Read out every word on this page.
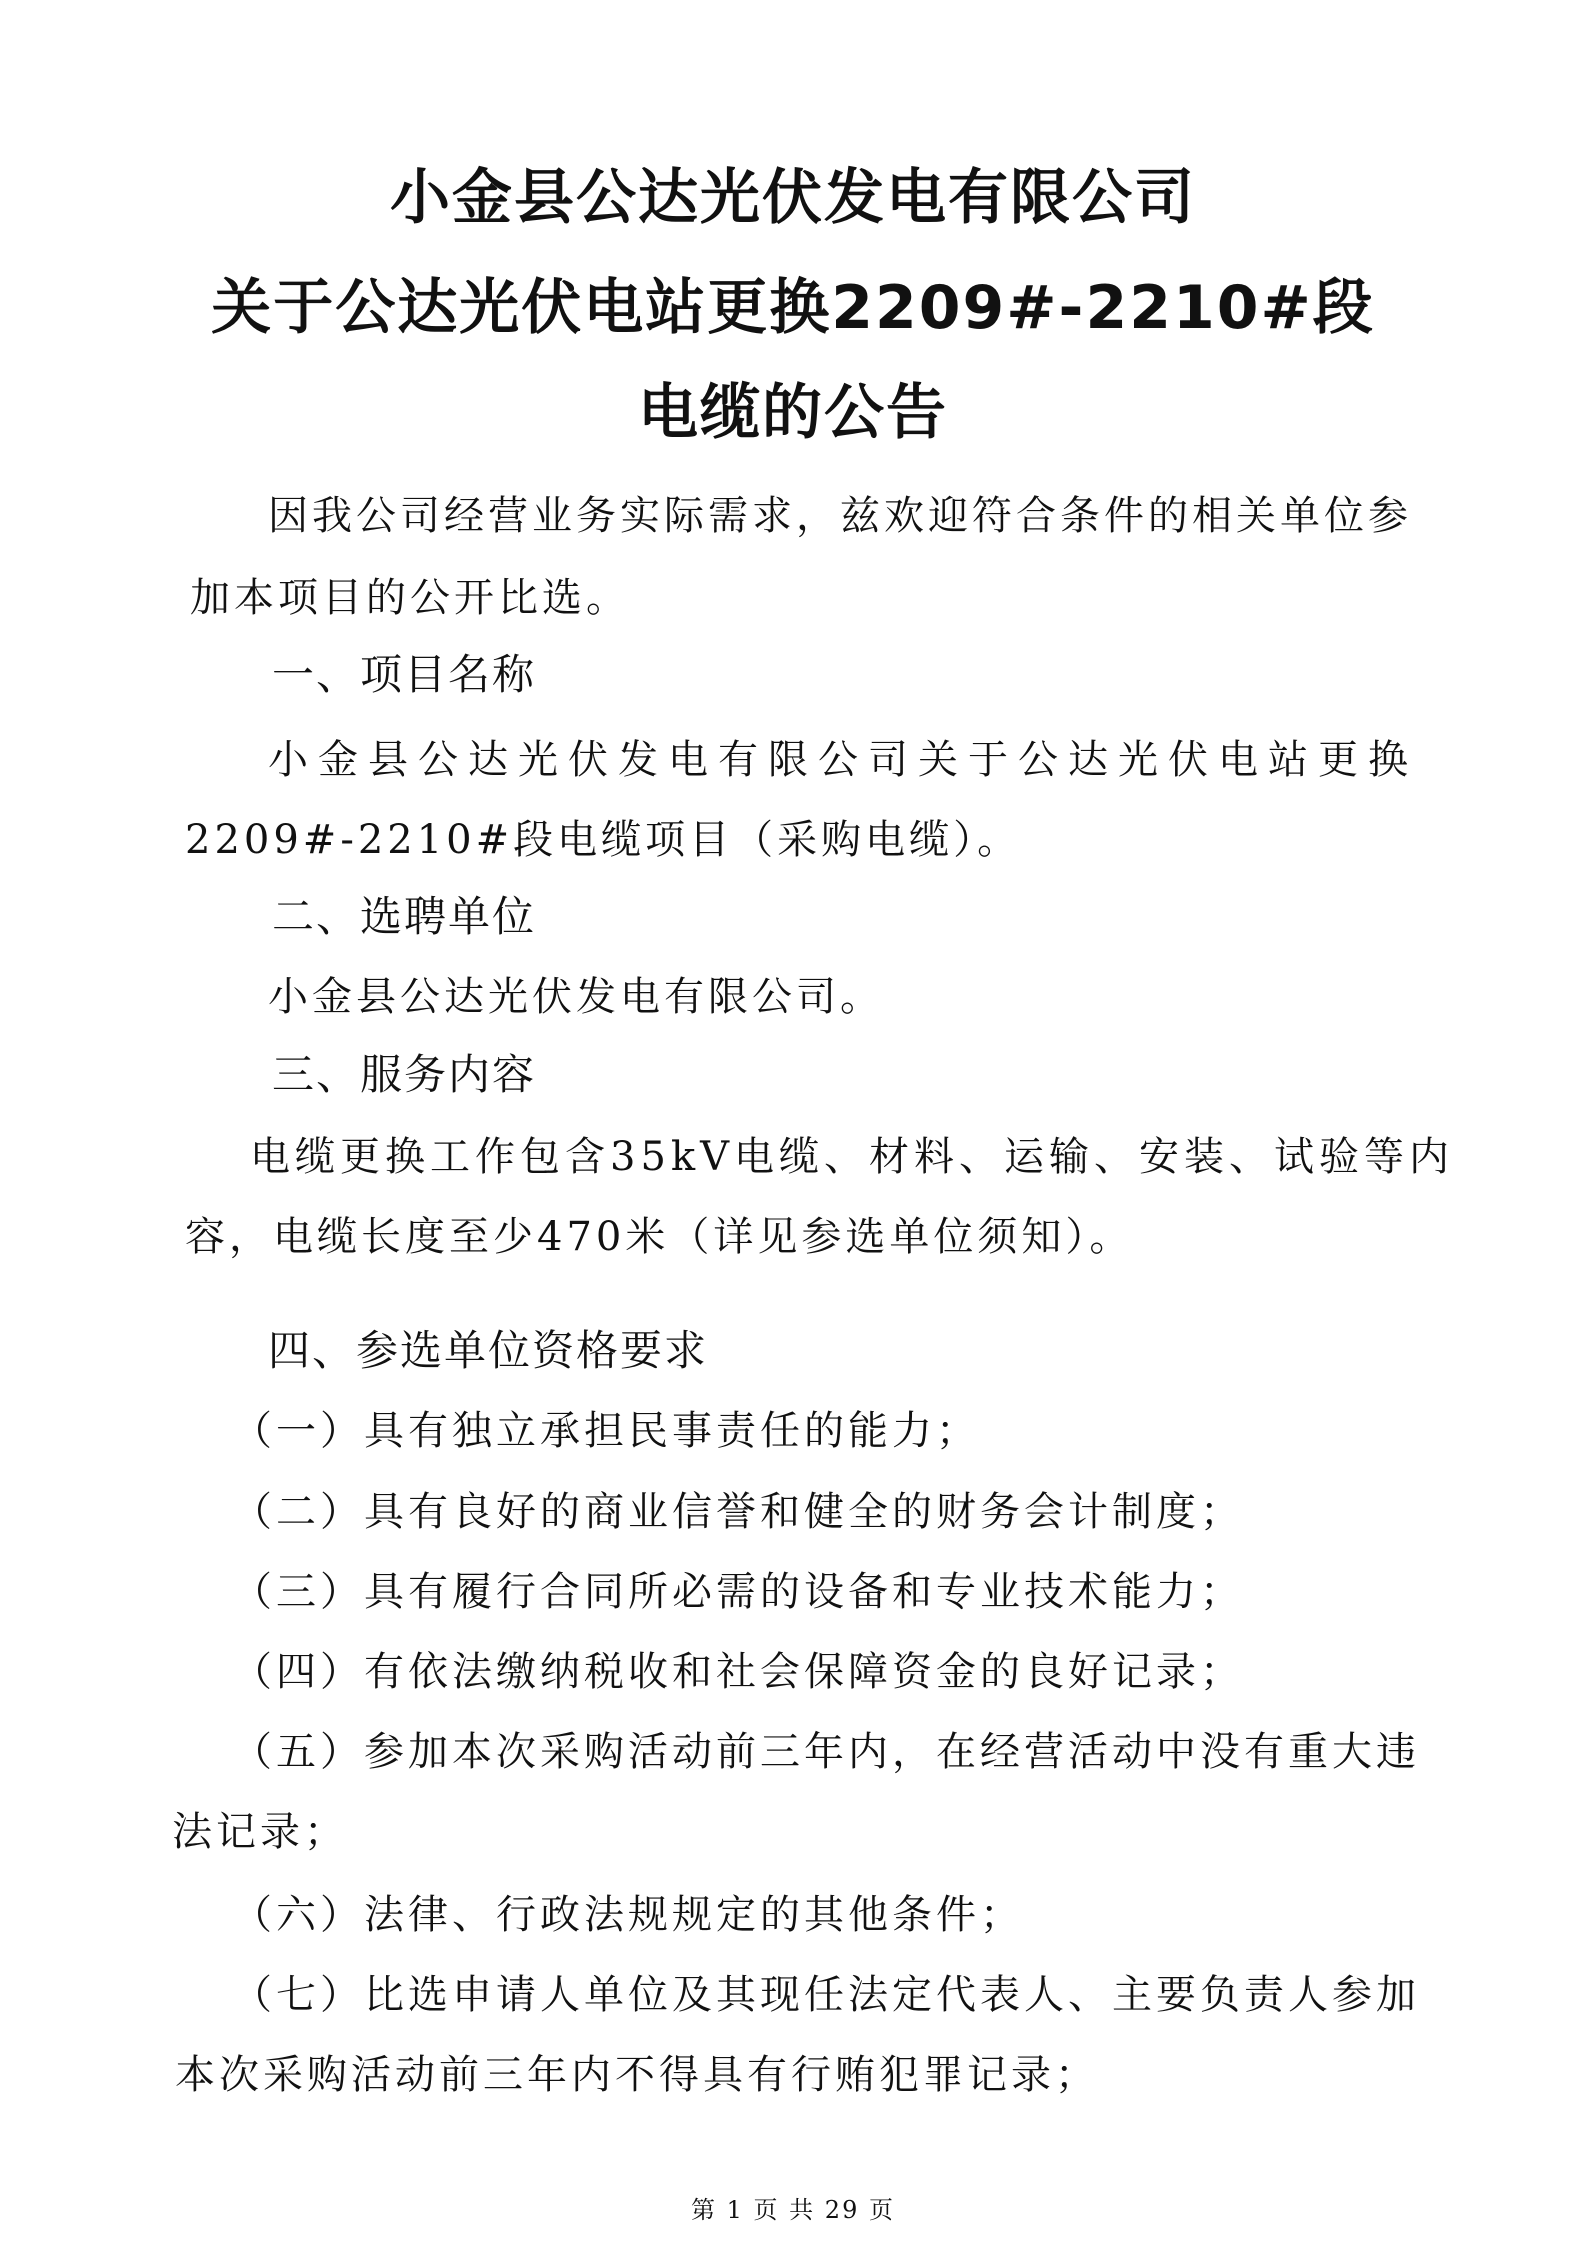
小金县公达光伏发电有限公司
关于公达光伏电站更换2209#-2210#段
电缆的公告
因我公司经营业务实际需求，兹欢迎符合条件的相关单位参
加本项目的公开比选。
一、项目名称
小金县公达光伏发电有限公司关于公达光伏电站更换
2209#-2210#段电缆项目（采购电缆）。
二、选聘单位
小金县公达光伏发电有限公司。
三、服务内容
电缆更换工作包含35kV电缆、材料、运输、安装、试验等内
容，电缆长度至少470米（详见参选单位须知）。
四、参选单位资格要求
（一）具有独立承担民事责任的能力；
（二）具有良好的商业信誉和健全的财务会计制度；
（三）具有履行合同所必需的设备和专业技术能力；
（四）有依法缴纳税收和社会保障资金的良好记录；
（五）参加本次采购活动前三年内，在经营活动中没有重大违
法记录；
（六）法律、行政法规规定的其他条件；
（七）比选申请人单位及其现任法定代表人、主要负责人参加
本次采购活动前三年内不得具有行贿犯罪记录；
第 1 页 共 29 页
